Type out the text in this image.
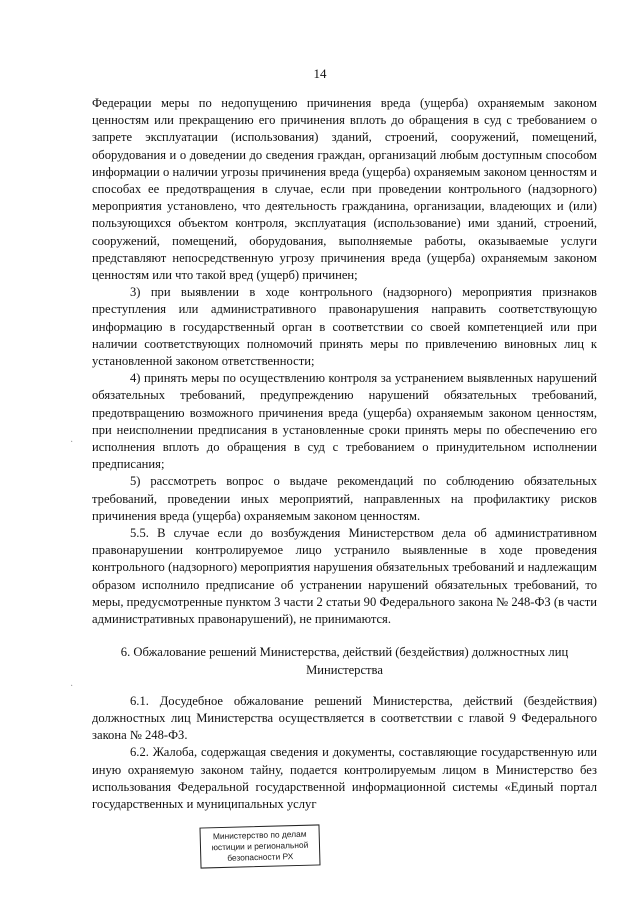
14

Федерации меры по недопущению причинения вреда (ущерба) охраняемым законом ценностям или прекращению его причинения вплоть до обращения в суд с требованием о запрете эксплуатации (использования) зданий, строений, сооружений, помещений, оборудования и о доведении до сведения граждан, организаций любым доступным способом информации о наличии угрозы причинения вреда (ущерба) охраняемым законом ценностям и способах ее предотвращения в случае, если при проведении контрольного (надзорного) мероприятия установлено, что деятельность гражданина, организации, владеющих и (или) пользующихся объектом контроля, эксплуатация (использование) ими зданий, строений, сооружений, помещений, оборудования, выполняемые работы, оказываемые услуги представляют непосредственную угрозу причинения вреда (ущерба) охраняемым законом ценностям или что такой вред (ущерб) причинен;

3) при выявлении в ходе контрольного (надзорного) мероприятия признаков преступления или административного правонарушения направить соответствующую информацию в государственный орган в соответствии со своей компетенцией или при наличии соответствующих полномочий принять меры по привлечению виновных лиц к установленной законом ответственности;

4) принять меры по осуществлению контроля за устранением выявленных нарушений обязательных требований, предупреждению нарушений обязательных требований, предотвращению возможного причинения вреда (ущерба) охраняемым законом ценностям, при неисполнении предписания в установленные сроки принять меры по обеспечению его исполнения вплоть до обращения в суд с требованием о принудительном исполнении предписания;

5) рассмотреть вопрос о выдаче рекомендаций по соблюдению обязательных требований, проведении иных мероприятий, направленных на профилактику рисков причинения вреда (ущерба) охраняемым законом ценностям.

5.5. В случае если до возбуждения Министерством дела об административном правонарушении контролируемое лицо устранило выявленные в ходе проведения контрольного (надзорного) мероприятия нарушения обязательных требований и надлежащим образом исполнило предписание об устранении нарушений обязательных требований, то меры, предусмотренные пунктом 3 части 2 статьи 90 Федерального закона № 248-ФЗ (в части административных правонарушений), не принимаются.

6. Обжалование решений Министерства, действий (бездействия) должностных лиц Министерства

6.1. Досудебное обжалование решений Министерства, действий (бездействия) должностных лиц Министерства осуществляется в соответствии с главой 9 Федерального закона № 248-ФЗ.

6.2. Жалоба, содержащая сведения и документы, составляющие государственную или иную охраняемую законом тайну, подается контролируемым лицом в Министерство без использования Федеральной государственной информационной системы «Единый портал государственных и муниципальных услуг

·
·
Министерство по делам
юстиции и региональной
безопасности РХ
